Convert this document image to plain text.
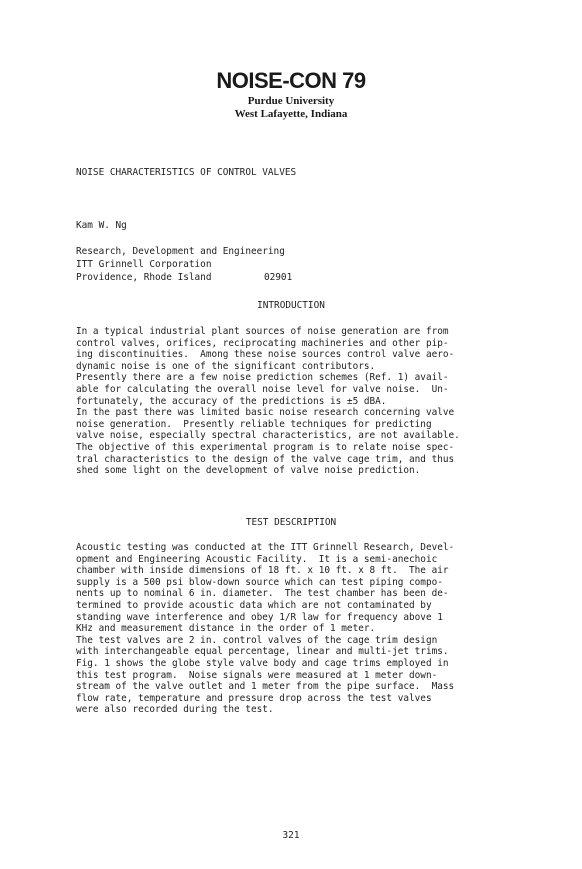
NOISE-CON 79
Purdue University
West Lafayette, Indiana
NOISE CHARACTERISTICS OF CONTROL VALVES
Kam W. Ng
Research, Development and Engineering
ITT Grinnell Corporation
Providence, Rhode Island	02901
INTRODUCTION
In a typical industrial plant sources of noise generation are from
control valves, orifices, reciprocating machineries and other pip-
ing discontinuities.  Among these noise sources control valve aero-
dynamic noise is one of the significant contributors.
Presently there are a few noise prediction schemes (Ref. 1) avail-
able for calculating the overall noise level for valve noise.  Un-
fortunately, the accuracy of the predictions is ±5 dBA.
In the past there was limited basic noise research concerning valve
noise generation.  Presently reliable techniques for predicting
valve noise, especially spectral characteristics, are not available.
The objective of this experimental program is to relate noise spec-
tral characteristics to the design of the valve cage trim, and thus
shed some light on the development of valve noise prediction.
TEST DESCRIPTION
Acoustic testing was conducted at the ITT Grinnell Research, Devel-
opment and Engineering Acoustic Facility.  It is a semi-anechoic
chamber with inside dimensions of 18 ft. x 10 ft. x 8 ft.  The air
supply is a 500 psi blow-down source which can test piping compo-
nents up to nominal 6 in. diameter.  The test chamber has been de-
termined to provide acoustic data which are not contaminated by
standing wave interference and obey 1/R law for frequency above 1
KHz and measurement distance in the order of 1 meter.
The test valves are 2 in. control valves of the cage trim design
with interchangeable equal percentage, linear and multi-jet trims.
Fig. 1 shows the globe style valve body and cage trims employed in
this test program.  Noise signals were measured at 1 meter down-
stream of the valve outlet and 1 meter from the pipe surface.  Mass
flow rate, temperature and pressure drop across the test valves
were also recorded during the test.
321
